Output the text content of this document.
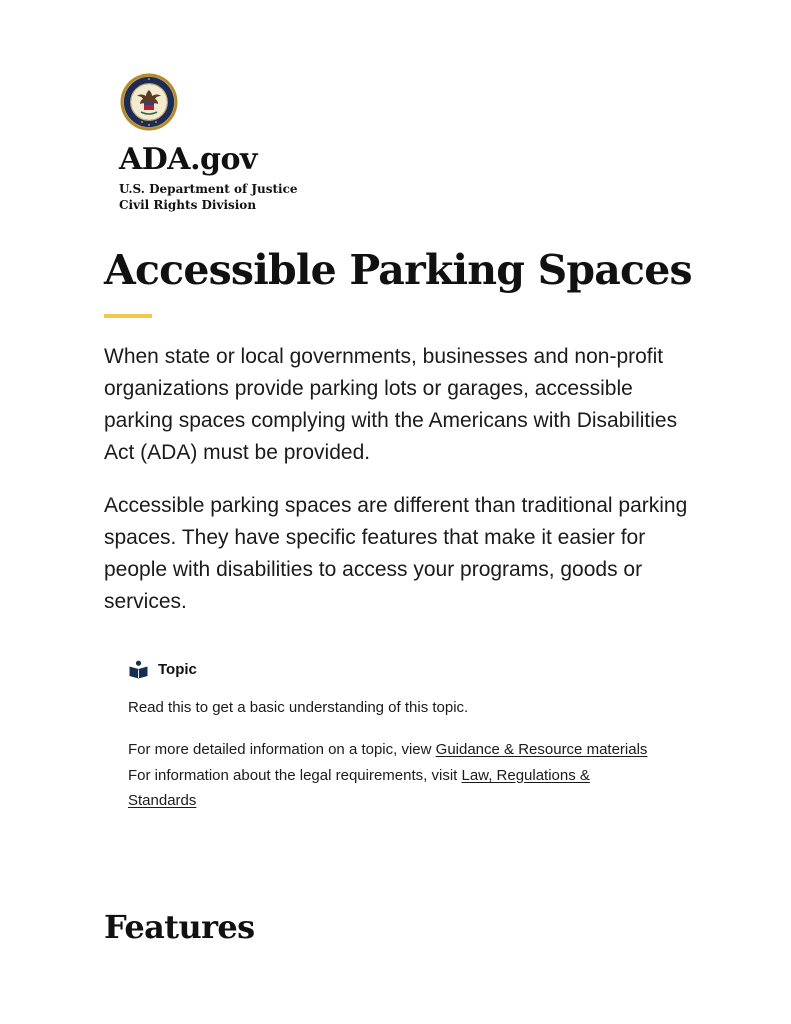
ADA.gov
U.S. Department of Justice
Civil Rights Division
Accessible Parking Spaces

When state or local governments, businesses and non-profit organizations provide parking lots or garages, accessible parking spaces complying with the Americans with Disabilities Act (ADA) must be provided.

Accessible parking spaces are different than traditional parking spaces. They have specific features that make it easier for people with disabilities to access your programs, goods or services.

Topic

Read this to get a basic understanding of this topic.

For more detailed information on a topic, view Guidance & Resource materials
For information about the legal requirements, visit Law, Regulations & Standards

Features
